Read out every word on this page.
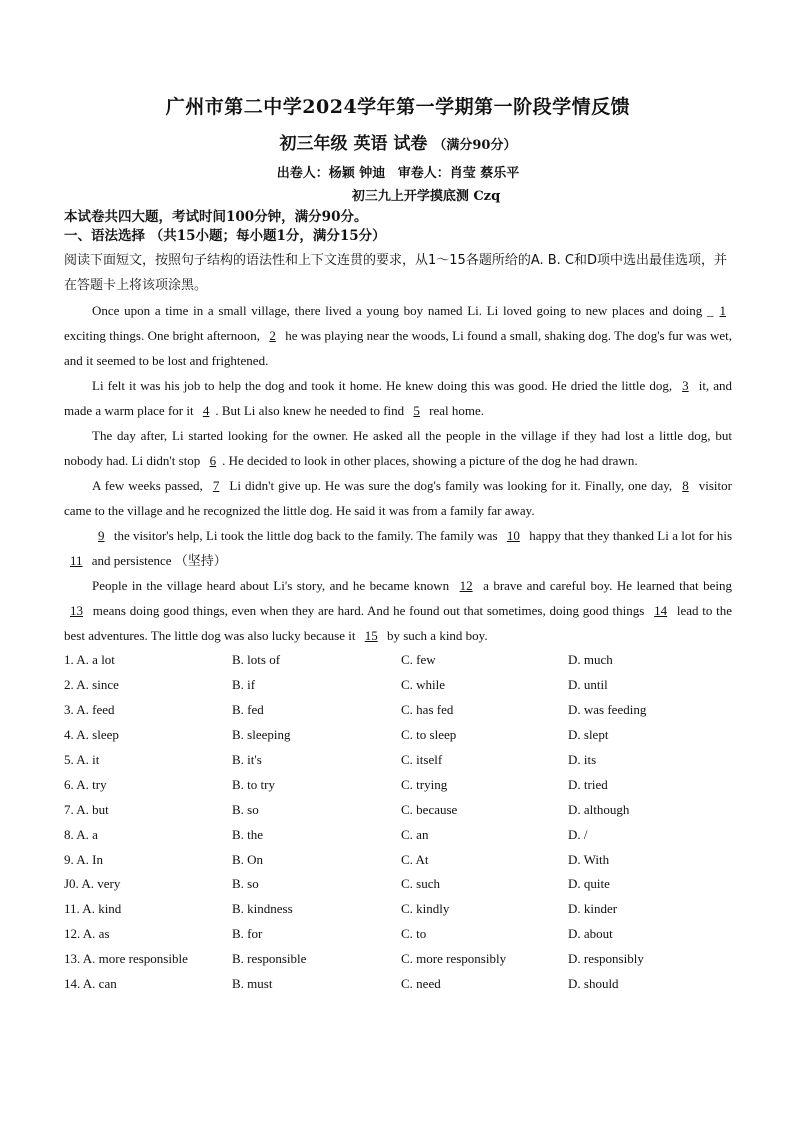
广州市第二中学2024学年第一学期第一阶段学情反馈
初三年级 英语 试卷 （满分90分）
出卷人：杨颖 钟迪 审卷人：肖莹 蔡乐平
初三九上开学摸底测 Czq
本试卷共四大题，考试时间100分钟，满分90分。
一、语法选择 （共15小题；每小题1分，满分15分）
阅读下面短文，按照句子结构的语法性和上下文连贯的要求，从1～15各题所给的A. B. C和D项中选出最佳选项，并在答题卡上将该项涂黑。

Once upon a time in a small village, there lived a young boy named Li. Li loved going to new places and doing _ 1 exciting things. One bright afternoon, 2 he was playing near the woods, Li found a small, shaking dog. The dog's fur was wet, and it seemed to be lost and frightened.

Li felt it was his job to help the dog and took it home. He knew doing this was good. He dried the little dog, 3 it, and made a warm place for it 4 . But Li also knew he needed to find 5 real home.

The day after, Li started looking for the owner. He asked all the people in the village if they had lost a little dog, but nobody had. Li didn't stop 6 . He decided to look in other places, showing a picture of the dog he had drawn.

A few weeks passed, 7 Li didn't give up. He was sure the dog's family was looking for it. Finally, one day, 8 visitor came to the village and he recognized the little dog. He said it was from a family far away.

9 the visitor's help, Li took the little dog back to the family. The family was 10 happy that they thanked Li a lot for his 11 and persistence （坚持）

People in the village heard about Li's story, and he became known 12 a brave and careful boy. He learned that being 13 means doing good things, even when they are hard. And he found out that sometimes, doing good things 14 lead to the best adventures. The little dog was also lucky because it 15 by such a kind boy.

1. A. a lot	B. lots of	C. few	D. much
2. A. since	B. if	C. while	D. until
3. A. feed	B. fed	C. has fed	D. was feeding
4. A. sleep	B. sleeping	C. to sleep	D. slept
5. A. it	B. it's	C. itself	D. its
6. A. try	B. to try	C. trying	D. tried
7. A. but	B. so	C. because	D. although
8. A. a	B. the	C. an	D. /
9. A. In	B. On	C. At	D. With
J0. A. very	B. so	C. such	D. quite
11. A. kind	B. kindness	C. kindly	D. kinder
12. A. as	B. for	C. to	D. about
13. A. more responsible	B. responsible	C. more responsibly	D. responsibly
14. A. can	B. must	C. need	D. should
